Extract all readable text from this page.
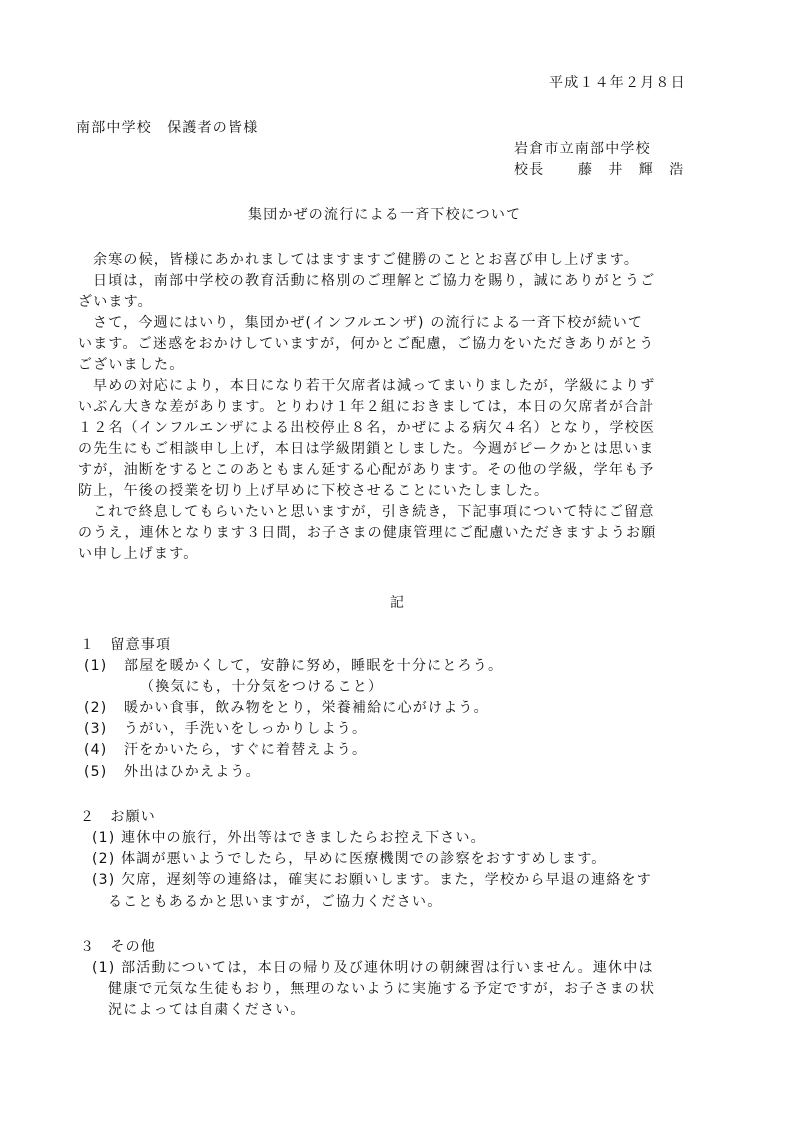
平成１４年２月８日
南部中学校　保護者の皆様
岩倉市立南部中学校
校長 藤　井　輝　浩
集団かぜの流行による一斉下校について
余寒の候，皆様にあかれましてはますますご健勝のこととお喜び申し上げます。
日頃は，南部中学校の教育活動に格別のご理解とご協力を賜り，誠にありがとうご
ざいます。
さて，今週にはいり，集団かぜ(インフルエンザ) の流行による一斉下校が続いて
います。ご迷惑をおかけしていますが，何かとご配慮，ご協力をいただきありがとう
ございました。
早めの対応により，本日になり若干欠席者は減ってまいりましたが，学級によりず
いぶん大きな差があります。とりわけ１年２組におきましては，本日の欠席者が合計
１２名（インフルエンザによる出校停止８名，かぜによる病欠４名）となり，学校医
の先生にもご相談申し上げ，本日は学級閉鎖としました。今週がピークかとは思いま
すが，油断をするとこのあともまん延する心配があります。その他の学級，学年も予
防上，午後の授業を切り上げ早めに下校させることにいたしました。
これで終息してもらいたいと思いますが，引き続き，下記事項について特にご留意
のうえ，連休となります３日間，お子さまの健康管理にご配慮いただきますようお願
い申し上げます。
記
１　留意事項
(1) 部屋を暖かくして，安静に努め，睡眠を十分にとろう。
（換気にも，十分気をつけること）
(2) 暖かい食事，飲み物をとり，栄養補給に心がけよう。
(3) うがい，手洗いをしっかりしよう。
(4) 汗をかいたら，すぐに着替えよう。
(5) 外出はひかえよう。
２　お願い
(1) 連休中の旅行，外出等はできましたらお控え下さい。
(2) 体調が悪いようでしたら，早めに医療機関での診察をおすすめします。
(3) 欠席，遅刻等の連絡は，確実にお願いします。また，学校から早退の連絡をす
ることもあるかと思いますが，ご協力ください。
３　その他
(1) 部活動については，本日の帰り及び連休明けの朝練習は行いません。連休中は
健康で元気な生徒もおり，無理のないように実施する予定ですが，お子さまの状
況によっては自粛ください。
